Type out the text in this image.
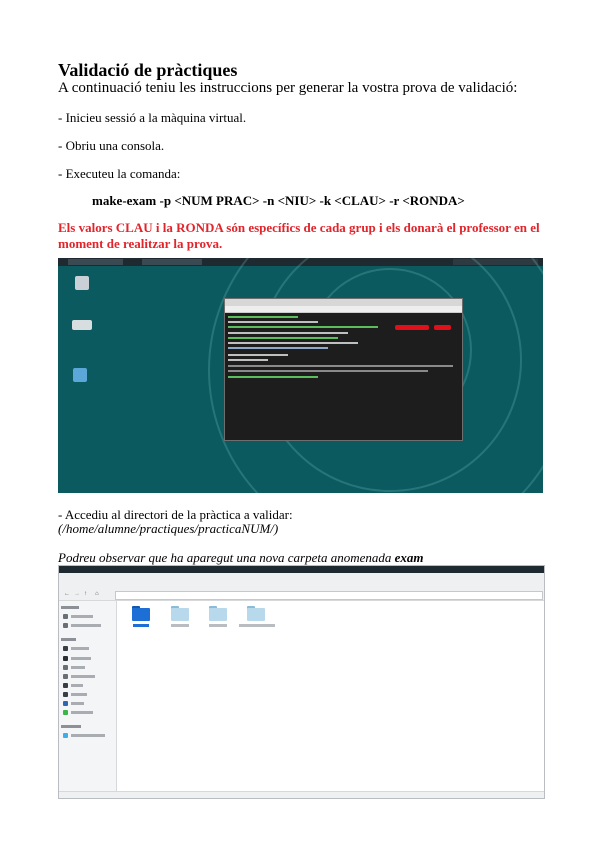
Validació de pràctiques
A continuació teniu les instruccions per generar la vostra prova de validació:
- Inicieu sessió a la màquina virtual.
- Obriu una consola.
- Executeu la comanda:
make-exam -p <NUM PRAC> -n <NIU> -k <CLAU> -r <RONDA>
Els valors CLAU i la RONDA són específics de cada grup i els donarà el professor en el moment de realitzar la prova.
- Accediu al directori de la pràctica a validar:
(/home/alumne/practiques/practicaNUM/)
Podreu observar que ha aparegut una nova carpeta anomenada exam
← → ↑ ⌂
